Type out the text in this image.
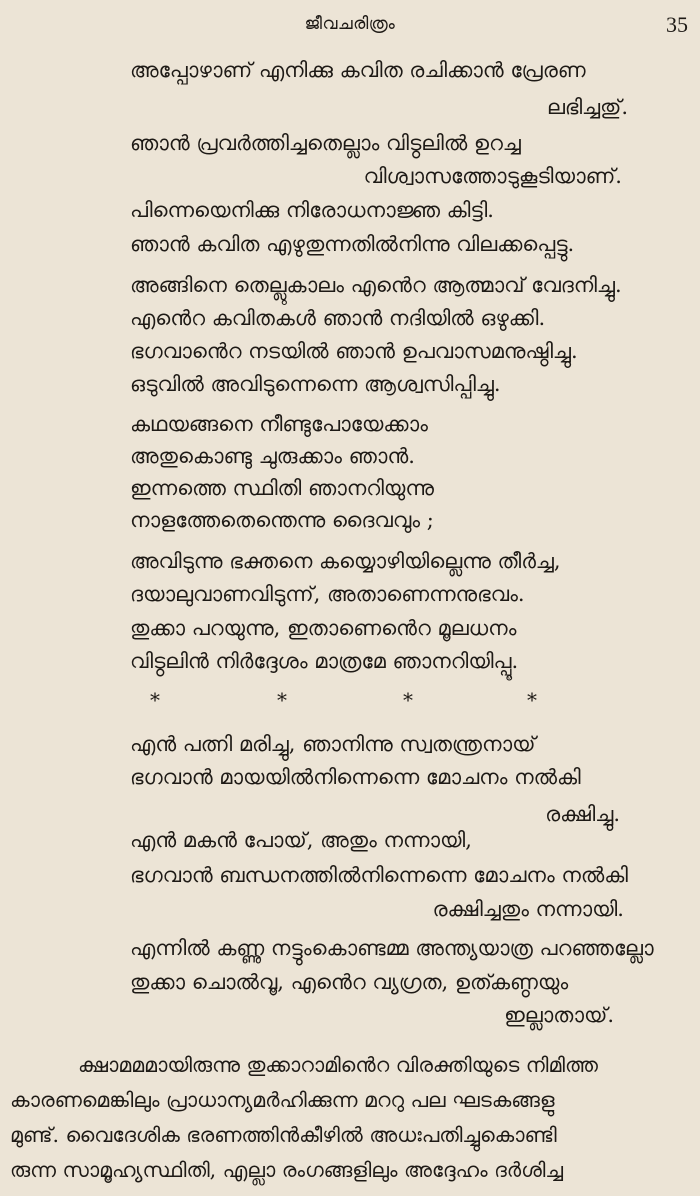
ജീവചരിത്രം	35
അപ്പോഴാണ് എനിക്കു കവിത രചിക്കാൻ പ്രേരണ
ലഭിച്ചതു്.
ഞാൻ പ്രവർത്തിച്ചതെല്ലാം വിട്ഠലിൽ ഉറച്ച
വിശ്വാസത്തോടുകൂടിയാണ്.
പിന്നെയെനിക്കു നിരോധനാജ്ഞ കിട്ടി.
ഞാൻ കവിത എഴുതുന്നതിൽനിന്നു വിലക്കപ്പെട്ടു.
അങ്ങിനെ തെല്ലുകാലം എൻെറ ആത്മാവ് വേദനിച്ചു.
എൻെറ കവിതകൾ ഞാൻ നദിയിൽ ഒഴുക്കി.
ഭഗവാൻെറ നടയിൽ ഞാൻ ഉപവാസമനുഷ്ഠിച്ചു.
ഒടുവിൽ അവിടുന്നെന്നെ ആശ്വസിപ്പിച്ചു.
കഥയങ്ങനെ നീണ്ടുപോയേക്കാം
അതുകൊണ്ടു ചുരുക്കാം ഞാൻ.
ഇന്നത്തെ സ്ഥിതി ഞാനറിയുന്നു
നാളത്തേതെന്തെന്നു ദൈവവും ;
അവിടുന്നു ഭക്തനെ കയ്യൊഴിയില്ലെന്നു തീർച്ച,
ദയാലുവാണവിടുന്ന്, അതാണെന്നനുഭവം.
തുക്കാ പറയുന്നു, ഇതാണെൻെറ മൂലധനം
വിട്ഠലിൻ നിർദ്ദേശം മാത്രമേ ഞാനറിയിപ്പൂ.
*	*	*	*
എൻ പത്നി മരിച്ചു, ഞാനിന്നു സ്വതന്ത്രനായ്
ഭഗവാൻ മായയിൽനിന്നെന്നെ മോചനം നൽകി
രക്ഷിച്ചു.
എൻ മകൻ പോയ്, അതും നന്നായി,
ഭഗവാൻ ബന്ധനത്തിൽനിന്നെന്നെ മോചനം നൽകി
രക്ഷിച്ചതും നന്നായി.
എന്നിൽ കണ്ണു നട്ടുംകൊണ്ടമ്മ അന്ത്യയാത്ര പറഞ്ഞല്ലോ
തുക്കാ ചൊൽവൂ, എൻെറ വ്യഗ്രത, ഉത്കണ്ഠയും
ഇല്ലാതായ്.
ക്ഷാമമമായിരുന്നു തുക്കാറാമിൻെറ വിരക്തിയുടെ നിമിത്ത
കാരണമെങ്കിലും പ്രാധാന്യമർഹിക്കുന്ന മററു പല ഘടകങ്ങളു
മുണ്ട്. വൈദേശിക ഭരണത്തിൻകീഴിൽ അധഃപതിച്ചുകൊണ്ടി
രുന്ന സാമൂഹ്യസ്ഥിതി, എല്ലാ രംഗങ്ങളിലും അദ്ദേഹം ദർശിച്ച
